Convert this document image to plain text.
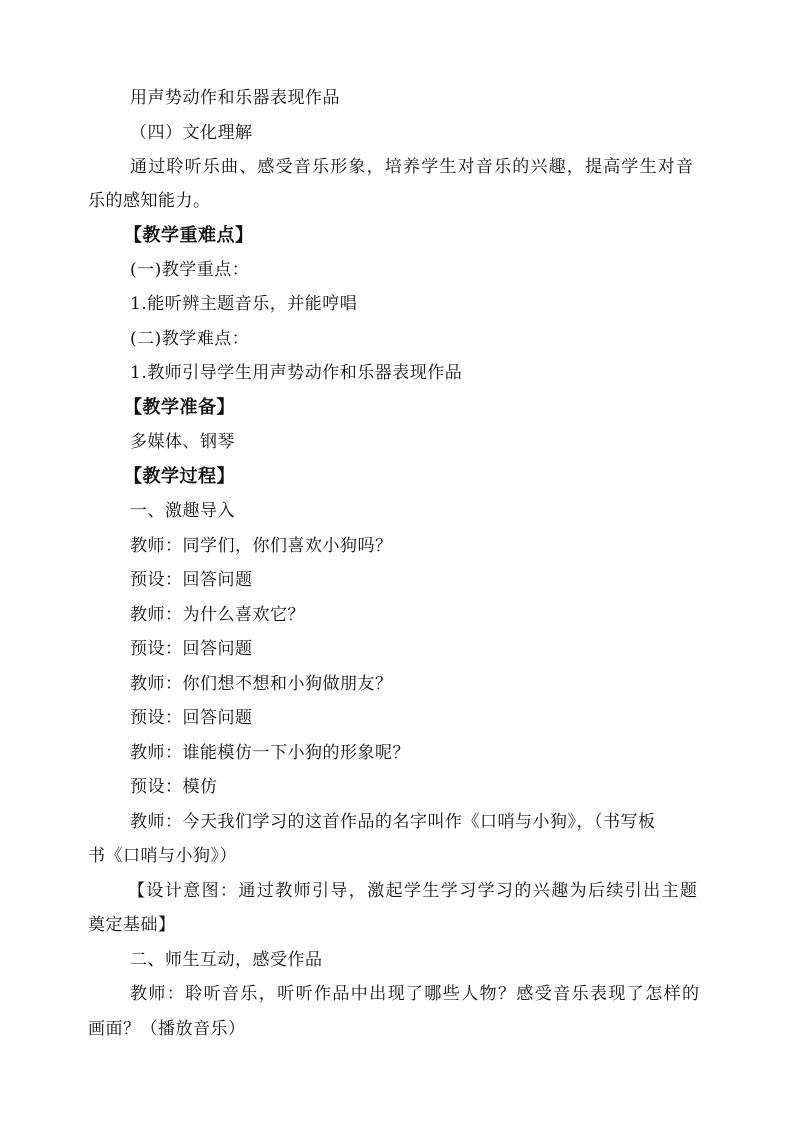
用声势动作和乐器表现作品
（四）文化理解
通过聆听乐曲、感受音乐形象，培养学生对音乐的兴趣，提高学生对音
乐的感知能力。
【教学重难点】
(一)教学重点：
1.能听辨主题音乐，并能哼唱
(二)教学难点：
1.教师引导学生用声势动作和乐器表现作品
【教学准备】
多媒体、钢琴
【教学过程】
一、激趣导入
教师：同学们，你们喜欢小狗吗？
预设：回答问题
教师：为什么喜欢它？
预设：回答问题
教师：你们想不想和小狗做朋友？
预设：回答问题
教师：谁能模仿一下小狗的形象呢？
预设：模仿
教师：今天我们学习的这首作品的名字叫作《口哨与小狗》，（书写板
书《口哨与小狗》）
【设计意图：通过教师引导，激起学生学习学习的兴趣为后续引出主题
奠定基础】
二、师生互动，感受作品
教师：聆听音乐，听听作品中出现了哪些人物？感受音乐表现了怎样的
画面？（播放音乐）
